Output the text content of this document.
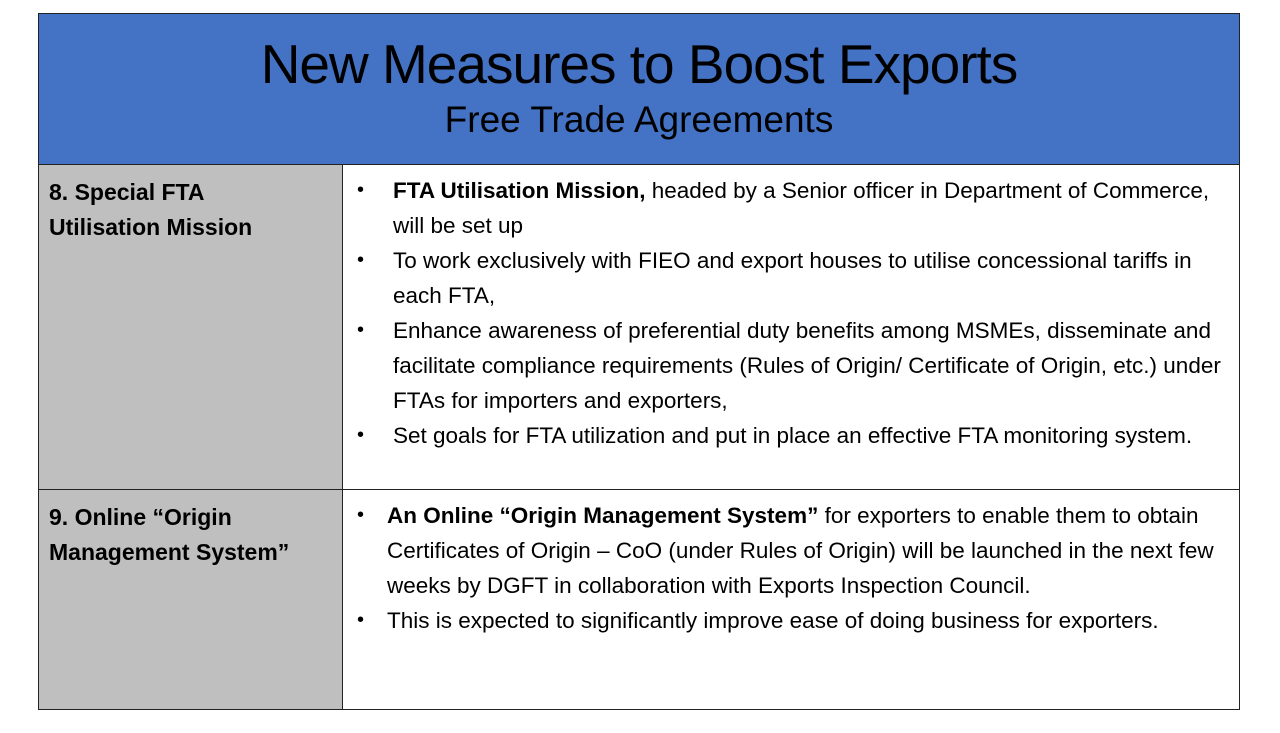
New Measures to Boost Exports
Free Trade Agreements
8. Special FTA
Utilisation Mission
• FTA Utilisation Mission, headed by a Senior officer in Department of Commerce, will be set up
• To work exclusively with FIEO and export houses to utilise concessional tariffs in each FTA,
• Enhance awareness of preferential duty benefits among MSMEs, disseminate and facilitate compliance requirements (Rules of Origin/ Certificate of Origin, etc.) under FTAs for importers and exporters,
• Set goals for FTA utilization and put in place an effective FTA monitoring system.
9. Online “Origin
Management System”
• An Online “Origin Management System” for exporters to enable them to obtain Certificates of Origin – CoO (under Rules of Origin) will be launched in the next few weeks by DGFT in collaboration with Exports Inspection Council.
• This is expected to significantly improve ease of doing business for exporters.
